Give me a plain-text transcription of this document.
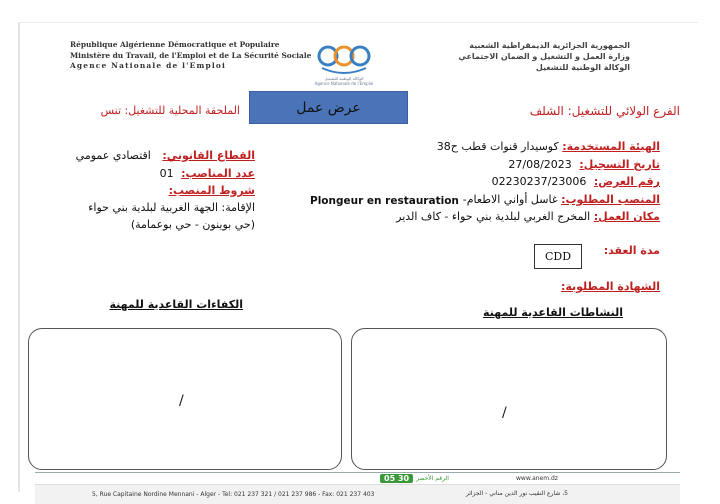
République Algérienne Démocratique et Populaire
Ministère du Travail, de l'Emploi et de La Sécurité Sociale
Agence Nationale de l'Emploi
الوكالة الوطنية للتشغيل
Agence Nationale de l'Emploi
الجمهورية الجزائرية الديمقراطية الشعبية
وزارة العمل و التشغيل و الضمان الاجتماعي
الوكالة الوطنية للتشغيل
عرض عمل	الفرع الولائي للتشغيل: الشلف
الملحقة المحلية للتشغيل: تنس
الهيئة المستخدمة: كوسيدار قنوات قطب ح38
تاريخ التسجيل: 27/08/2023
رقم العرض: 02230237/23006
المنصب المطلوب: غاسل أواني الاطعام-
Plongeur en restauration
مكان العمل: المخرج الغربي لبلدية بني حواء - كاف الدير
مدة العقد:
CDD
الشهادة المطلوبة:
القطاع القانوني: اقتصادي عمومي
عدد المناصب: 01
شروط المنصب:
الإقامة: الجهة الغربية لبلدية بني حواء
(حي بوينون - حي بوعمامة)
الكفاءات القاعدية للمهنة
النشاطات القاعدية للمهنة
/
/
الرقم الأخضر
30 05	www.anem.dz
5, Rue Capitaine Nordine Mennani - Alger - Tel: 021 237 321 / 021 237 986 - Fax: 021 237 403	5، شارع النقيب نور الدين مناني - الجزائر
